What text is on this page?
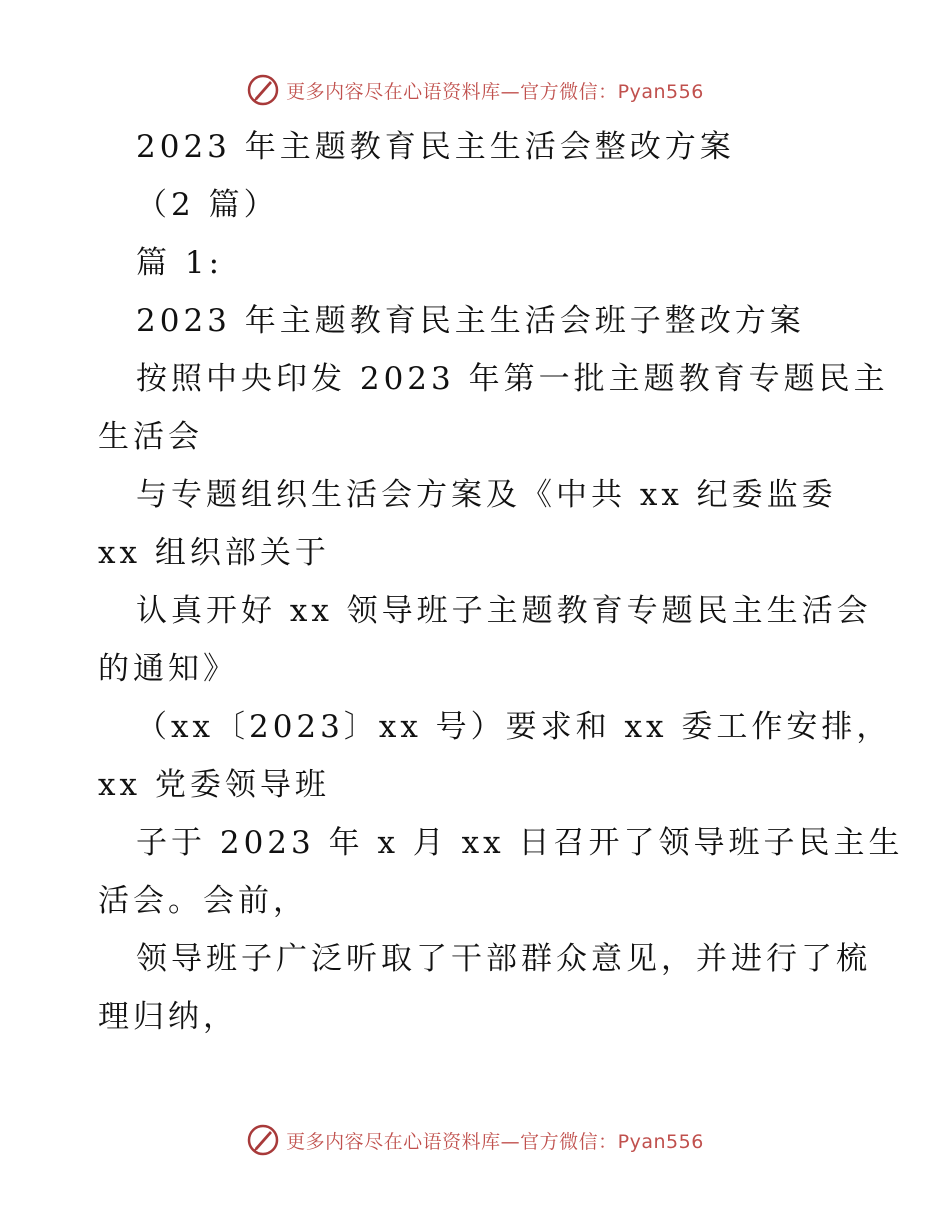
更多内容尽在心语资料库—官方微信：Pyan556
2023 年主题教育民主生活会整改方案
（2 篇）
篇 1:
2023 年主题教育民主生活会班子整改方案
按照中央印发 2023 年第一批主题教育专题民主
生活会
与专题组织生活会方案及《中共 xx 纪委监委
xx 组织部关于
认真开好 xx 领导班子主题教育专题民主生活会
的通知》
（xx〔2023〕xx 号）要求和 xx 委工作安排，
xx 党委领导班
子于 2023 年 x 月 xx 日召开了领导班子民主生
活会。会前，
领导班子广泛听取了干部群众意见，并进行了梳
理归纳，
更多内容尽在心语资料库—官方微信：Pyan556
